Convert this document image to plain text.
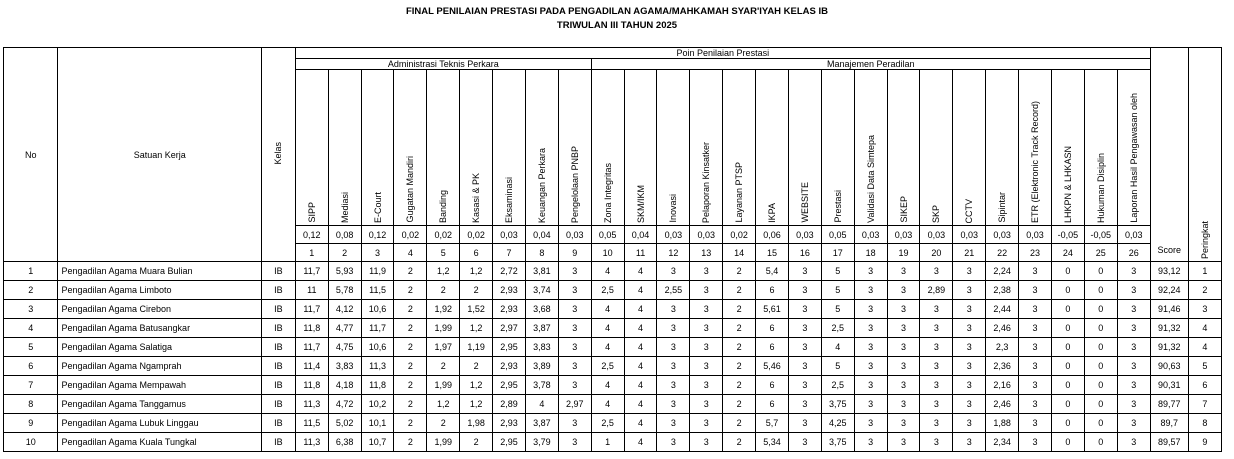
FINAL PENILAIAN PRESTASI PADA PENGADILAN AGAMA/MAHKAMAH SYAR'IYAH KELAS IB
TRIWULAN III TAHUN 2025
No	Satuan Kerja	Kelas	Poin Penilaian Prestasi																										Score	Peringkat
			Administrasi Teknis Perkara									Manajemen Peradilan																		
			SIPP	Mediasi	E-Court	Gugatan Mandiri	Banding	Kasasi & PK	Eksaminasi	Keuangan Perkara	Pengelolaan PNBP	Zona Integritas	SKM/IKM	Inovasi	Pelaporan Kinsatker	Layanan PTSP	IKPA	WEBSITE	Prestasi	Validasi Data Simtepa	SIKEP	SKP	CCTV	Sipintar	ETR (Elektronic Track Record)	LHKPN & LHKASN	Hukuman Disiplin	Laporan Hasil Pengawasan oleh		
			0,12	0,08	0,12	0,02	0,02	0,02	0,03	0,04	0,03	0,05	0,04	0,03	0,03	0,02	0,06	0,03	0,05	0,03	0,03	0,03	0,03	0,03	0,03	-0,05	-0,05	0,03		
			1	2	3	4	5	6	7	8	9	10	11	12	13	14	15	16	17	18	19	20	21	22	23	24	25	26		
1	Pengadilan Agama Muara Bulian	IB	11,7	5,93	11,9	2	1,2	1,2	2,72	3,81	3	4	4	3	3	2	5,4	3	5	3	3	3	3	2,24	3	0	0	3	93,12	1
2	Pengadilan Agama Limboto	IB	11	5,78	11,5	2	2	2	2,93	3,74	3	2,5	4	2,55	3	2	6	3	5	3	3	2,89	3	2,38	3	0	0	3	92,24	2
3	Pengadilan Agama Cirebon	IB	11,7	4,12	10,6	2	1,92	1,52	2,93	3,68	3	4	4	3	3	2	5,61	3	5	3	3	3	3	2,44	3	0	0	3	91,46	3
4	Pengadilan Agama Batusangkar	IB	11,8	4,77	11,7	2	1,99	1,2	2,97	3,87	3	4	4	3	3	2	6	3	2,5	3	3	3	3	2,46	3	0	0	3	91,32	4
5	Pengadilan Agama Salatiga	IB	11,7	4,75	10,6	2	1,97	1,19	2,95	3,83	3	4	4	3	3	2	6	3	4	3	3	3	3	2,3	3	0	0	3	91,32	4
6	Pengadilan Agama Ngamprah	IB	11,4	3,83	11,3	2	2	2	2,93	3,89	3	2,5	4	3	3	2	5,46	3	5	3	3	3	3	2,36	3	0	0	3	90,63	5
7	Pengadilan Agama Mempawah	IB	11,8	4,18	11,8	2	1,99	1,2	2,95	3,78	3	4	4	3	3	2	6	3	2,5	3	3	3	3	2,16	3	0	0	3	90,31	6
8	Pengadilan Agama Tanggamus	IB	11,3	4,72	10,2	2	1,2	1,2	2,89	4	2,97	4	4	3	3	2	6	3	3,75	3	3	3	3	2,46	3	0	0	3	89,77	7
9	Pengadilan Agama Lubuk Linggau	IB	11,5	5,02	10,1	2	2	1,98	2,93	3,87	3	2,5	4	3	3	2	5,7	3	4,25	3	3	3	3	1,88	3	0	0	3	89,7	8
10	Pengadilan Agama Kuala Tungkal	IB	11,3	6,38	10,7	2	1,99	2	2,95	3,79	3	1	4	3	3	2	5,34	3	3,75	3	3	3	3	2,34	3	0	0	3	89,57	9
